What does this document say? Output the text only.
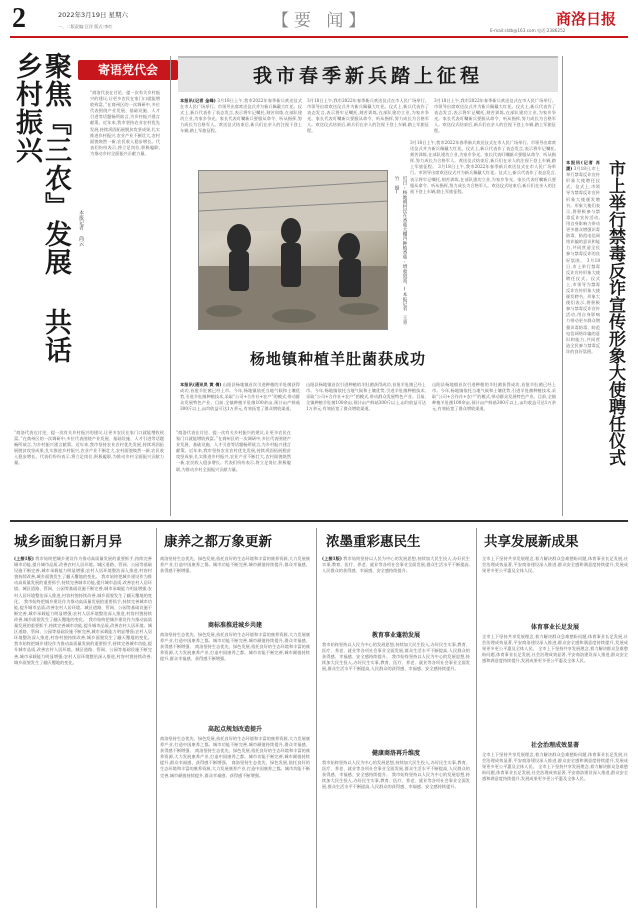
2	2022年3月19日 星期六
一、二版责编:汪洋 版式:李红	【要 闻】	商洛日报
E-mail:sldb@163.com 电话:2386252
聚焦『三农』发展 共话乡村振兴	寄语党代会
本报记者 尚云
“商洛代表在讨论、提一次有关乡村振兴的建议,让更多农民在家门口就能增收致富。”在商州区的一次调研中,多位代表围绕产业发展、基础设施、人才引进等话题畅所欲言,为乡村振兴建言献策。近年来,我市坚持农业农村优先发展,持续巩固拓展脱贫攻坚成果,扎实推进乡村振兴,农业产业不断壮大,农村面貌焕然一新,农民收入稳步增长。代表们纷纷表示,将立足岗位,积极履职,为推动乡村全面振兴贡献力量。
“商洛代表在讨论、提一次有关乡村振兴的建议,让更多农民在家门口就能增收致富。”在商州区的一次调研中,多位代表围绕产业发展、基础设施、人才引进等话题畅所欲言,为乡村振兴建言献策。近年来,我市坚持农业农村优先发展,持续巩固拓展脱贫攻坚成果,扎实推进乡村振兴,农业产业不断壮大,农村面貌焕然一新,农民收入稳步增长。代表们纷纷表示,将立足岗位,积极履职,为推动乡村全面振兴贡献力量。
“商洛代表在讨论、提一次有关乡村振兴的建议,让更多农民在家门口就能增收致富。”在商州区的一次调研中,多位代表围绕产业发展、基础设施、人才引进等话题畅所欲言,为乡村振兴建言献策。近年来,我市坚持农业农村优先发展,持续巩固拓展脱贫攻坚成果,扎实推进乡村振兴,农业产业不断壮大,农村面貌焕然一新,农民收入稳步增长。代表们纷纷表示,将立足岗位,积极履职,为推动乡村全面振兴贡献力量。
我市春季新兵踏上征程
本报讯(记者 金峰) 3月18日上午,我市2022年春季新兵欢送仪式在市人民广场举行。市领导出席欢送仪式并为新兵佩戴大红花。仪式上,新兵代表作了表态发言,表示将牢记嘱托,刻苦训练,在部队建功立业,为家乡争光。家长代表叮嘱新兵要服从命令、听从指挥,努力成长为合格军人。欢送仪式结束后,新兵们在亲人的注视下登上车辆,踏上军旅征程。
3月18日上午,我市2022年春季新兵欢送仪式在市人民广场举行。市领导出席欢送仪式并为新兵佩戴大红花。仪式上,新兵代表作了表态发言,表示将牢记嘱托,刻苦训练,在部队建功立业,为家乡争光。家长代表叮嘱新兵要服从命令、听从指挥,努力成长为合格军人。欢送仪式结束后,新兵们在亲人的注视下登上车辆,踏上军旅征程。
3月18日上午,我市2022年春季新兵欢送仪式在市人民广场举行。市领导出席欢送仪式并为新兵佩戴大红花。仪式上,新兵代表作了表态发言,表示将牢记嘱托,刻苦训练,在部队建功立业,为家乡争光。家长代表叮嘱新兵要服从命令、听从指挥,努力成长为合格军人。欢送仪式结束后,新兵们在亲人的注视下登上车辆,踏上军旅征程。
近日,杨地镇村民在香菇大棚内种植香菇,增收致富。(本报记者 王青竹 摄)
3月18日上午,我市2022年春季新兵欢送仪式在市人民广场举行。市领导出席欢送仪式并为新兵佩戴大红花。仪式上,新兵代表作了表态发言,表示将牢记嘱托,刻苦训练,在部队建功立业,为家乡争光。家长代表叮嘱新兵要服从命令、听从指挥,努力成长为合格军人。欢送仪式结束后,新兵们在亲人的注视下登上车辆,踏上军旅征程。 3月18日上午,我市2022年春季新兵欢送仪式在市人民广场举行。市领导出席欢送仪式并为新兵佩戴大红花。仪式上,新兵代表作了表态发言,表示将牢记嘱托,刻苦训练,在部队建功立业,为家乡争光。家长代表叮嘱新兵要服从命令、听从指挥,努力成长为合格军人。欢送仪式结束后,新兵们在亲人的注视下登上车辆,踏上军旅征程。
杨地镇种植羊肚菌获成功
本报讯(通讯员 黄 倩) 山阳县杨地镇首次引进种植的羊肚菌获得成功,首批羊肚菌已经上市。今年,杨地镇依托当地气候和土壤优势,引进羊肚菌种植技术,采取“公司+合作社+农户”的模式,带动群众发展特色产业。目前,全镇种植羊肚菌100余亩,预计亩产鲜菇300斤以上,亩均收益可达1万余元,有效拓宽了群众增收渠道。
山阳县杨地镇首次引进种植的羊肚菌获得成功,首批羊肚菌已经上市。今年,杨地镇依托当地气候和土壤优势,引进羊肚菌种植技术,采取“公司+合作社+农户”的模式,带动群众发展特色产业。目前,全镇种植羊肚菌100余亩,预计亩产鲜菇300斤以上,亩均收益可达1万余元,有效拓宽了群众增收渠道。
山阳县杨地镇首次引进种植的羊肚菌获得成功,首批羊肚菌已经上市。今年,杨地镇依托当地气候和土壤优势,引进羊肚菌种植技术,采取“公司+合作社+农户”的模式,带动群众发展特色产业。目前,全镇种植羊肚菌100余亩,预计亩产鲜菇300斤以上,亩均收益可达1万余元,有效拓宽了群众增收渠道。
本报讯(记者 肖 潇) 3月18日,市上举行禁毒反诈宣传形象大使聘任仪式。仪式上,市领导为禁毒反诈宣传形象大使颁发聘书。形象大使们表示,将积极参与禁毒反诈宣传活动,用自身影响力带动更多群众增强识毒防毒、防范电信网络诈骗的意识和能力,共同营造全民参与禁毒反诈的良好氛围。 3月18日,市上举行禁毒反诈宣传形象大使聘任仪式。仪式上,市领导为禁毒反诈宣传形象大使颁发聘书。形象大使们表示,将积极参与禁毒反诈宣传活动,用自身影响力带动更多群众增强识毒防毒、防范电信网络诈骗的意识和能力,共同营造全民参与禁毒反诈的良好氛围。 市上举行禁毒反诈宣传形象大使聘任仪式
城乡面貌日新月异
(上接1版) 我市始终把城乡建设作为推动高质量发展的重要抓手,持续完善城市功能,提升城市品质,改善农村人居环境。城区道路、管网、公园等基础设施不断完善,城市承载能力明显增强;农村人居环境整治深入推进,村容村貌持续改善,城乡面貌发生了翻天覆地的变化。 我市始终把城乡建设作为推动高质量发展的重要抓手,持续完善城市功能,提升城市品质,改善农村人居环境。城区道路、管网、公园等基础设施不断完善,城市承载能力明显增强;农村人居环境整治深入推进,村容村貌持续改善,城乡面貌发生了翻天覆地的变化。 我市始终把城乡建设作为推动高质量发展的重要抓手,持续完善城市功能,提升城市品质,改善农村人居环境。城区道路、管网、公园等基础设施不断完善,城市承载能力明显增强;农村人居环境整治深入推进,村容村貌持续改善,城乡面貌发生了翻天覆地的变化。 我市始终把城乡建设作为推动高质量发展的重要抓手,持续完善城市功能,提升城市品质,改善农村人居环境。城区道路、管网、公园等基础设施不断完善,城市承载能力明显增强;农村人居环境整治深入推进,村容村貌持续改善,城乡面貌发生了翻天覆地的变化。 我市始终把城乡建设作为推动高质量发展的重要抓手,持续完善城市功能,提升城市品质,改善农村人居环境。城区道路、管网、公园等基础设施不断完善,城市承载能力明显增强;农村人居环境整治深入推进,村容村貌持续改善,城乡面貌发生了翻天覆地的变化。
康养之都万象更新
商洛坚持生态优先、绿色发展,依托良好的生态环境和丰富的康养资源,大力发展康养产业,打造中国康养之都。城市功能不断完善,城市颜值持续提升,群众幸福感、获得感不断增强。
商标准推进城乡共建
商洛坚持生态优先、绿色发展,依托良好的生态环境和丰富的康养资源,大力发展康养产业,打造中国康养之都。城市功能不断完善,城市颜值持续提升,群众幸福感、获得感不断增强。 商洛坚持生态优先、绿色发展,依托良好的生态环境和丰富的康养资源,大力发展康养产业,打造中国康养之都。城市功能不断完善,城市颜值持续提升,群众幸福感、获得感不断增强。
高起点规划改造提升
商洛坚持生态优先、绿色发展,依托良好的生态环境和丰富的康养资源,大力发展康养产业,打造中国康养之都。城市功能不断完善,城市颜值持续提升,群众幸福感、获得感不断增强。 商洛坚持生态优先、绿色发展,依托良好的生态环境和丰富的康养资源,大力发展康养产业,打造中国康养之都。城市功能不断完善,城市颜值持续提升,群众幸福感、获得感不断增强。 商洛坚持生态优先、绿色发展,依托良好的生态环境和丰富的康养资源,大力发展康养产业,打造中国康养之都。城市功能不断完善,城市颜值持续提升,群众幸福感、获得感不断增强。
浓墨重彩惠民生
(上接1版) 我市始终坚持以人民为中心的发展思想,持续加大民生投入,办好民生实事,教育、医疗、养老、就业等各项社会事业全面发展,群众生活水平不断提高,人民群众的获得感、幸福感、安全感持续提升。
教育事业蓬勃发展
我市始终坚持以人民为中心的发展思想,持续加大民生投入,办好民生实事,教育、医疗、养老、就业等各项社会事业全面发展,群众生活水平不断提高,人民群众的获得感、幸福感、安全感持续提升。 我市始终坚持以人民为中心的发展思想,持续加大民生投入,办好民生实事,教育、医疗、养老、就业等各项社会事业全面发展,群众生活水平不断提高,人民群众的获得感、幸福感、安全感持续提升。
健康商洛再升维度
我市始终坚持以人民为中心的发展思想,持续加大民生投入,办好民生实事,教育、医疗、养老、就业等各项社会事业全面发展,群众生活水平不断提高,人民群众的获得感、幸福感、安全感持续提升。 我市始终坚持以人民为中心的发展思想,持续加大民生投入,办好民生实事,教育、医疗、养老、就业等各项社会事业全面发展,群众生活水平不断提高,人民群众的获得感、幸福感、安全感持续提升。
共享发展新成果
全市上下坚持共享发展理念,着力解决群众急难愁盼问题,体育事业长足发展,社会治理成效显著,平安商洛建设深入推进,群众安全感和满意度持续提升,发展成果更多更公平惠及全体人民。
体育事业长足发展
全市上下坚持共享发展理念,着力解决群众急难愁盼问题,体育事业长足发展,社会治理成效显著,平安商洛建设深入推进,群众安全感和满意度持续提升,发展成果更多更公平惠及全体人民。 全市上下坚持共享发展理念,着力解决群众急难愁盼问题,体育事业长足发展,社会治理成效显著,平安商洛建设深入推进,群众安全感和满意度持续提升,发展成果更多更公平惠及全体人民。
社会治理成效显著
全市上下坚持共享发展理念,着力解决群众急难愁盼问题,体育事业长足发展,社会治理成效显著,平安商洛建设深入推进,群众安全感和满意度持续提升,发展成果更多更公平惠及全体人民。 全市上下坚持共享发展理念,着力解决群众急难愁盼问题,体育事业长足发展,社会治理成效显著,平安商洛建设深入推进,群众安全感和满意度持续提升,发展成果更多更公平惠及全体人民。
